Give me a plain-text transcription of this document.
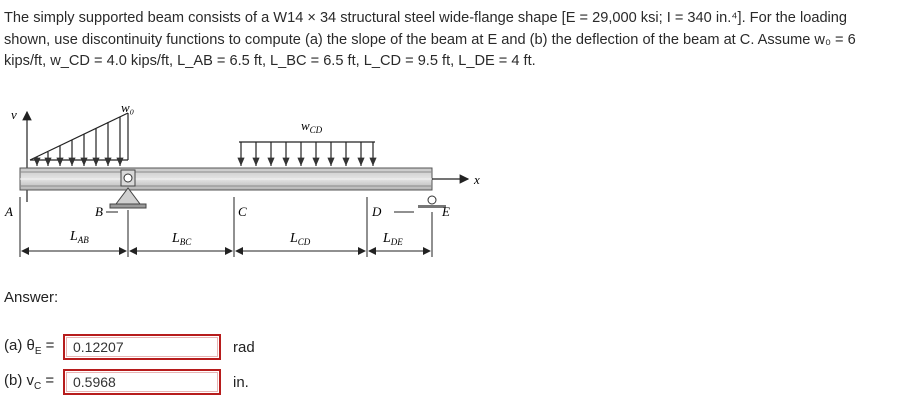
The simply supported beam consists of a W14 × 34 structural steel wide-flange shape [E = 29,000 ksi; I = 340 in.⁴]. For the loading

shown, use discontinuity functions to compute (a) the slope of the beam at E and (b) the deflection of the beam at C. Assume w₀ = 6

kips/ft, w_CD = 4.0 kips/ft, L_AB = 6.5 ft, L_BC = 6.5 ft, L_CD = 9.5 ft, L_DE = 4 ft.

v	w₀
$w_{CD}$
x
A	B	C	D	E
$L_{AB}$	$L_{BC}$	$L_{CD}$	$L_{DE}$
Answer:
(a) $\theta_E$ =	0.12207	rad
(b) $v_C$ =	0.5968	in.
